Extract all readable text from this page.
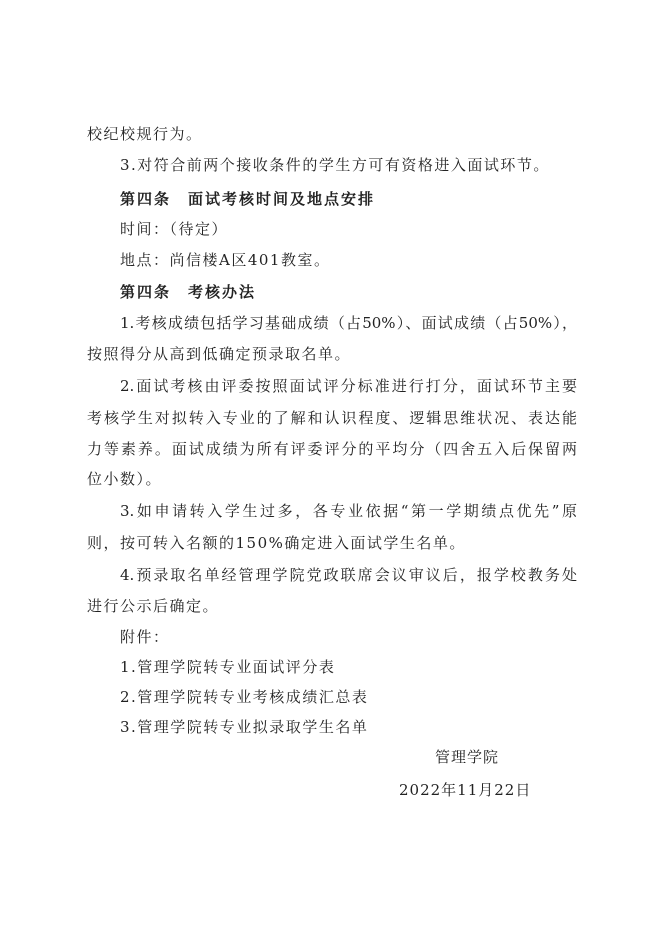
校纪校规行为。
3.对符合前两个接收条件的学生方可有资格进入面试环节。
第四条　面试考核时间及地点安排
时间：（待定）
地点：尚信楼A区401教室。
第四条　考核办法
1.考核成绩包括学习基础成绩（占50%）、面试成绩（占50%），
按照得分从高到低确定预录取名单。
2.面试考核由评委按照面试评分标准进行打分，面试环节主要
考核学生对拟转入专业的了解和认识程度、逻辑思维状况、表达能
力等素养。面试成绩为所有评委评分的平均分（四舍五入后保留两
位小数）。
3.如申请转入学生过多，各专业依据“第一学期绩点优先”原
则，按可转入名额的150%确定进入面试学生名单。
4.预录取名单经管理学院党政联席会议审议后，报学校教务处
进行公示后确定。
附件：
1.管理学院转专业面试评分表
2.管理学院转专业考核成绩汇总表
3.管理学院转专业拟录取学生名单
管理学院
2022年11月22日
